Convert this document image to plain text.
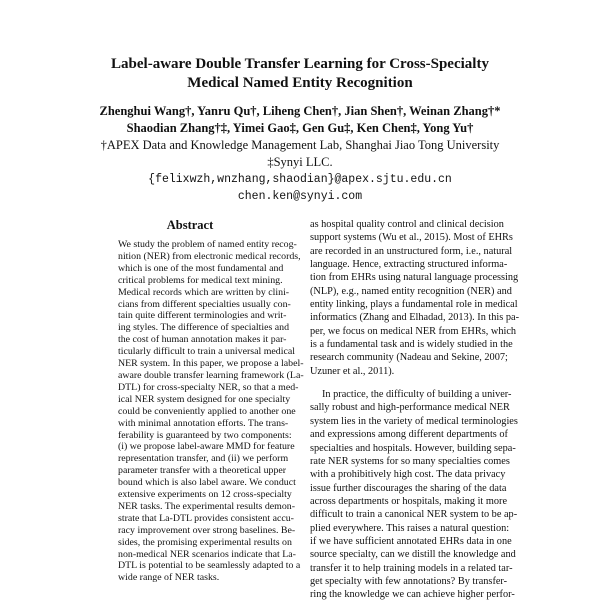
Label-aware Double Transfer Learning for Cross-Specialty
Medical Named Entity Recognition
Zhenghui Wang†, Yanru Qu†, Liheng Chen†, Jian Shen†, Weinan Zhang†*
Shaodian Zhang†‡, Yimei Gao‡, Gen Gu‡, Ken Chen‡, Yong Yu†
†APEX Data and Knowledge Management Lab, Shanghai Jiao Tong University
‡Synyi LLC.
{felixwzh,wnzhang,shaodian}@apex.sjtu.edu.cn
chen.ken@synyi.com
Abstract
We study the problem of named entity recog-
nition (NER) from electronic medical records,
which is one of the most fundamental and
critical problems for medical text mining.
Medical records which are written by clini-
cians from different specialties usually con-
tain quite different terminologies and writ-
ing styles. The difference of specialties and
the cost of human annotation makes it par-
ticularly difficult to train a universal medical
NER system. In this paper, we propose a label-
aware double transfer learning framework (La-
DTL) for cross-specialty NER, so that a med-
ical NER system designed for one specialty
could be conveniently applied to another one
with minimal annotation efforts. The trans-
ferability is guaranteed by two components:
(i) we propose label-aware MMD for feature
representation transfer, and (ii) we perform
parameter transfer with a theoretical upper
bound which is also label aware. We conduct
extensive experiments on 12 cross-specialty
NER tasks. The experimental results demon-
strate that La-DTL provides consistent accu-
racy improvement over strong baselines. Be-
sides, the promising experimental results on
non-medical NER scenarios indicate that La-
DTL is potential to be seamlessly adapted to a
wide range of NER tasks.
as hospital quality control and clinical decision
support systems (Wu et al., 2015). Most of EHRs
are recorded in an unstructured form, i.e., natural
language. Hence, extracting structured informa-
tion from EHRs using natural language processing
(NLP), e.g., named entity recognition (NER) and
entity linking, plays a fundamental role in medical
informatics (Zhang and Elhadad, 2013). In this pa-
per, we focus on medical NER from EHRs, which
is a fundamental task and is widely studied in the
research community (Nadeau and Sekine, 2007;
Uzuner et al., 2011).
In practice, the difficulty of building a univer-
sally robust and high-performance medical NER
system lies in the variety of medical terminologies
and expressions among different departments of
specialties and hospitals. However, building sepa-
rate NER systems for so many specialties comes
with a prohibitively high cost. The data privacy
issue further discourages the sharing of the data
across departments or hospitals, making it more
difficult to train a canonical NER system to be ap-
plied everywhere. This raises a natural question:
if we have sufficient annotated EHRs data in one
source specialty, can we distill the knowledge and
transfer it to help training models in a related tar-
get specialty with few annotations? By transfer-
ring the knowledge we can achieve higher perfor-
